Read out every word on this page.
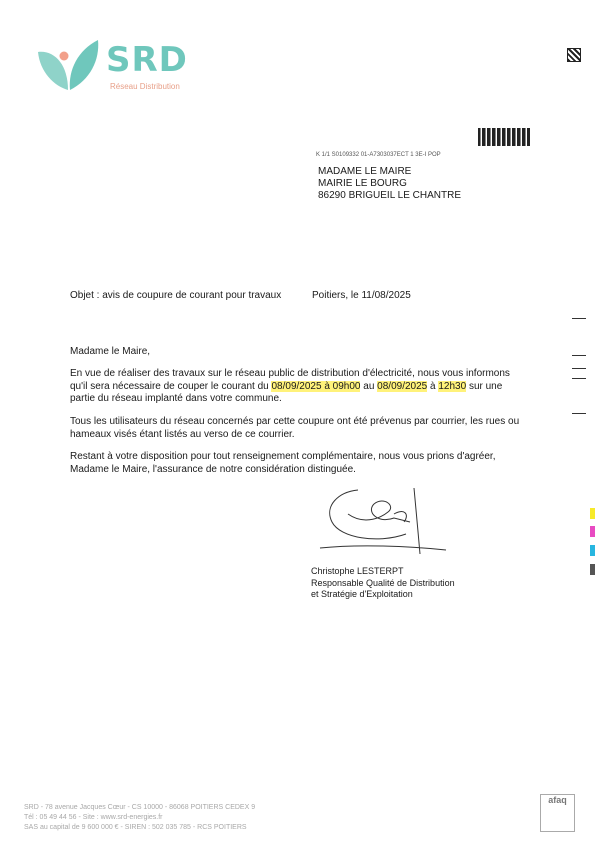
SRD
Réseau Distribution
K 1/1 S0109332 01-A7303037ECT 1 3E-I POP
MADAME LE MAIRE
MAIRIE LE BOURG
86290 BRIGUEIL LE CHANTRE
Objet : avis de coupure de courant pour travaux	Poitiers, le 11/08/2025

Madame le Maire,

En vue de réaliser des travaux sur le réseau public de distribution d'électricité, nous vous informons qu'il sera nécessaire de couper le courant du 08/09/2025 à 09h00 au 08/09/2025 à 12h30 sur une partie du réseau implanté dans votre commune.

Tous les utilisateurs du réseau concernés par cette coupure ont été prévenus par courrier, les rues ou hameaux visés étant listés au verso de ce courrier.

Restant à votre disposition pour tout renseignement complémentaire, nous vous prions d'agréer, Madame le Maire, l'assurance de notre considération distinguée.

Christophe LESTERPT
Responsable Qualité de Distribution
et Stratégie d'Exploitation
SRD - 78 avenue Jacques Cœur - CS 10000 - 86068 POITIERS CEDEX 9
Tél : 05 49 44 56 - Site : www.srd-energies.fr
SAS au capital de 9 600 000 € - SIREN : 502 035 785 - RCS POITIERS
afaq
